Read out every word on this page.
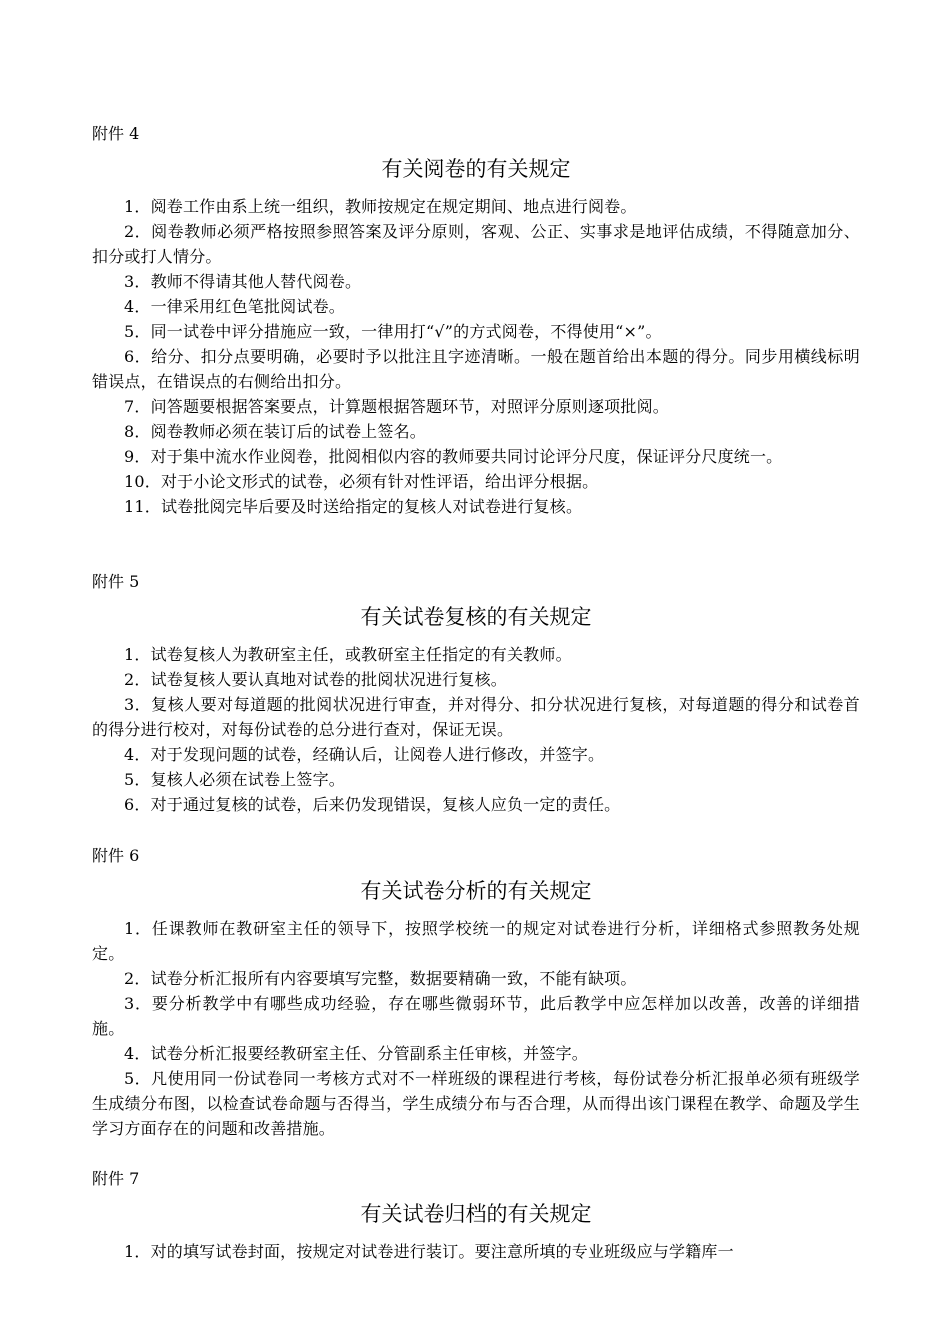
附件 4
有关阅卷的有关规定

1．阅卷工作由系上统一组织，教师按规定在规定期间、地点进行阅卷。

2．阅卷教师必须严格按照参照答案及评分原则，客观、公正、实事求是地评估成绩，不得随意加分、扣分或打人情分。

3．教师不得请其他人替代阅卷。

4．一律采用红色笔批阅试卷。

5．同一试卷中评分措施应一致，一律用打“√”的方式阅卷，不得使用“×”。

6．给分、扣分点要明确，必要时予以批注且字迹清晰。一般在题首给出本题的得分。同步用横线标明错误点，在错误点的右侧给出扣分。

7．问答题要根据答案要点，计算题根据答题环节，对照评分原则逐项批阅。

8．阅卷教师必须在装订后的试卷上签名。

9．对于集中流水作业阅卷，批阅相似内容的教师要共同讨论评分尺度，保证评分尺度统一。

10．对于小论文形式的试卷，必须有针对性评语，给出评分根据。

11．试卷批阅完毕后要及时送给指定的复核人对试卷进行复核。

附件 5
有关试卷复核的有关规定

1．试卷复核人为教研室主任，或教研室主任指定的有关教师。

2．试卷复核人要认真地对试卷的批阅状况进行复核。

3．复核人要对每道题的批阅状况进行审查，并对得分、扣分状况进行复核，对每道题的得分和试卷首的得分进行校对，对每份试卷的总分进行查对，保证无误。

4．对于发现问题的试卷，经确认后，让阅卷人进行修改，并签字。

5．复核人必须在试卷上签字。

6．对于通过复核的试卷，后来仍发现错误，复核人应负一定的责任。

附件 6
有关试卷分析的有关规定

1．任课教师在教研室主任的领导下，按照学校统一的规定对试卷进行分析，详细格式参照教务处规定。

2．试卷分析汇报所有内容要填写完整，数据要精确一致，不能有缺项。

3．要分析教学中有哪些成功经验，存在哪些微弱环节，此后教学中应怎样加以改善，改善的详细措施。

4．试卷分析汇报要经教研室主任、分管副系主任审核，并签字。

5．凡使用同一份试卷同一考核方式对不一样班级的课程进行考核，每份试卷分析汇报单必须有班级学生成绩分布图，以检查试卷命题与否得当，学生成绩分布与否合理，从而得出该门课程在教学、命题及学生学习方面存在的问题和改善措施。

附件 7
有关试卷归档的有关规定

1．对的填写试卷封面，按规定对试卷进行装订。要注意所填的专业班级应与学籍库一
